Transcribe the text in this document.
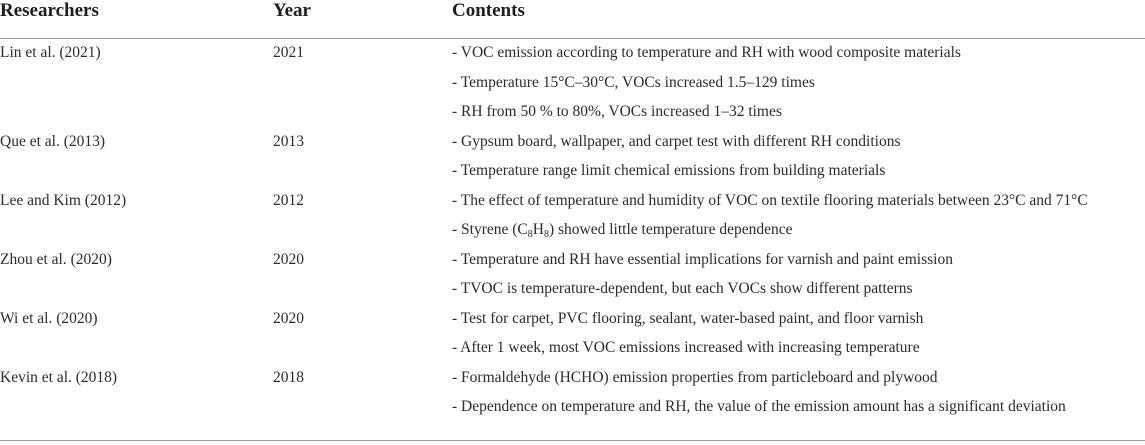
Researchers	Year	Contents
Lin et al. (2021)	2021	- VOC emission according to temperature and RH with wood composite materials
- Temperature 15°C–30°C, VOCs increased 1.5–129 times
- RH from 50 % to 80%, VOCs increased 1–32 times
Que et al. (2013)	2013	- Gypsum board, wallpaper, and carpet test with different RH conditions
- Temperature range limit chemical emissions from building materials
Lee and Kim (2012)	2012	- The effect of temperature and humidity of VOC on textile flooring materials between 23°C and 71°C
- Styrene $(C_8H_8)$ showed little temperature dependence
Zhou et al. (2020)	2020	- Temperature and RH have essential implications for varnish and paint emission
- TVOC is temperature-dependent, but each VOCs show different patterns
Wi et al. (2020)	2020	- Test for carpet, PVC flooring, sealant, water-based paint, and floor varnish
- After 1 week, most VOC emissions increased with increasing temperature
Kevin et al. (2018)	2018	- Formaldehyde (HCHO) emission properties from particleboard and plywood
- Dependence on temperature and RH, the value of the emission amount has a significant deviation
